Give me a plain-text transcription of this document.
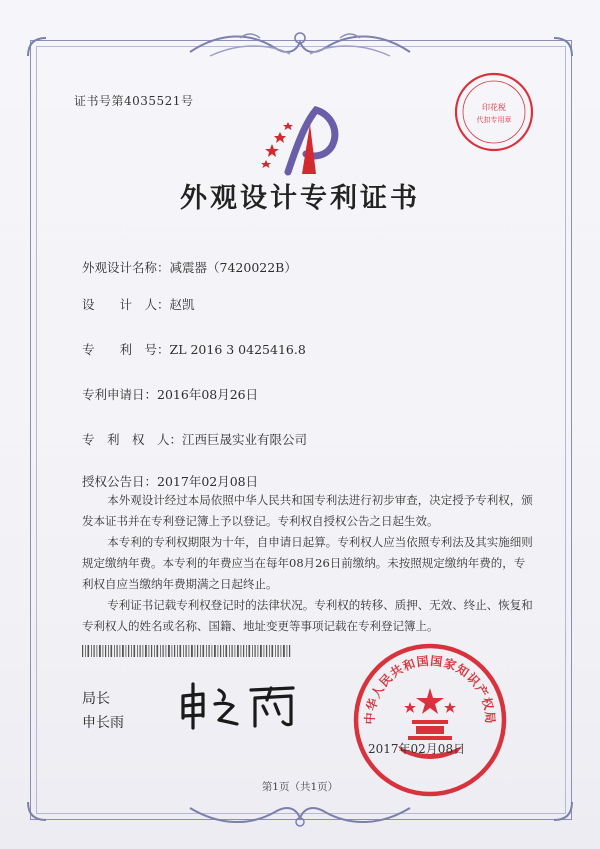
证书号第4035521号	印花税
代扣专用章
外观设计专利证书
外观设计名称：减震器（7420022B）
设　　计　人：赵凯
专　　利　号：ZL 2016 3 0425416.8
专利申请日：2016年08月26日
专　利　权　人：江西巨晟实业有限公司
授权公告日：2017年02月08日

本外观设计经过本局依照中华人民共和国专利法进行初步审查，决定授予专利权，颁发本证书并在专利登记簿上予以登记。专利权自授权公告之日起生效。

本专利的专利权期限为十年，自申请日起算。专利权人应当依照专利法及其实施细则规定缴纳年费。本专利的年费应当在每年08月26日前缴纳。未按照规定缴纳年费的，专利权自应当缴纳年费期满之日起终止。

专利证书记载专利权登记时的法律状况。专利权的转移、质押、无效、终止、恢复和专利权人的姓名或名称、国籍、地址变更等事项记载在专利登记簿上。

局长
申长雨	中华人民共和国国家知识产权局
2017年02月08日
第1页（共1页）
